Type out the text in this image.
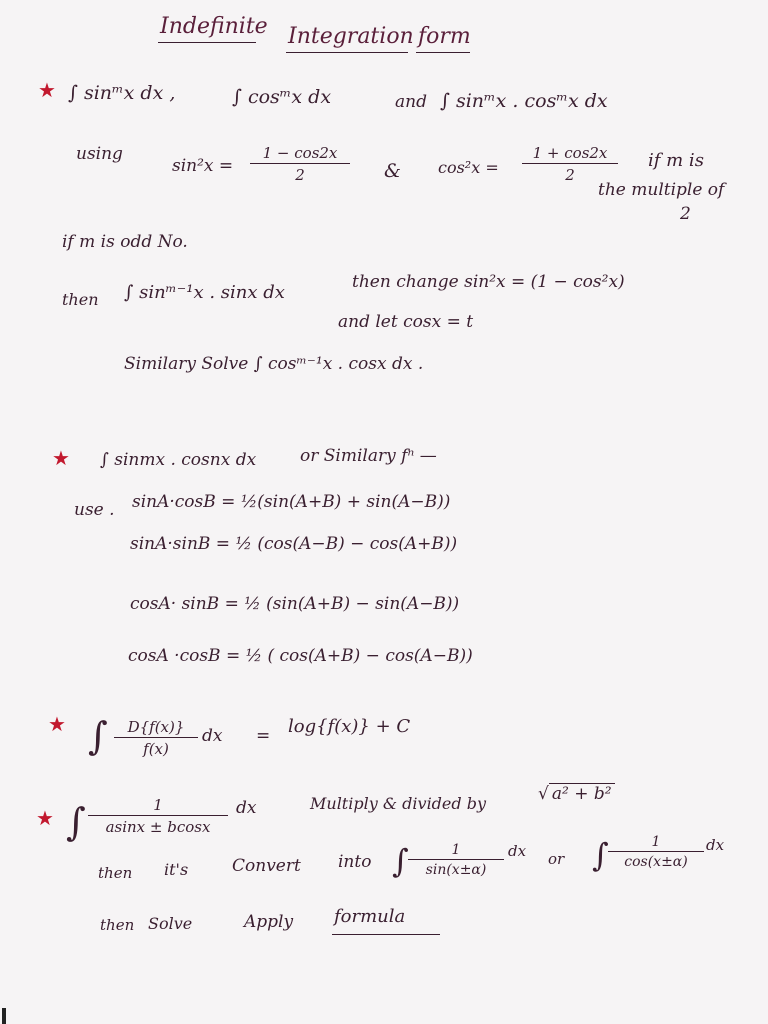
Indefinite Integration form
★ ∫ sinᵐx dx ,	∫ cosᵐx dx	and ∫ sinᵐx . cosᵐx dx
using
$\sin^2x = \frac{1 - \cos 2x}{2}$ & $\cos^2x = \frac{1 + \cos 2x}{2}$ if m is
the multiple of
2
if m is odd No.
then ∫ sinᵐ⁻¹x . sinx dx	then change sin²x = (1 − cos²x)
and let cosx = t
Similary Solve ∫ cosᵐ⁻¹x . cosx dx .
★ ∫ sinmx . cosnx dx	or Similary fⁿ —
use . sinA·cosB = ½(sin(A+B) + sin(A−B))
sinA·sinB = ½ (cos(A−B) − cos(A+B))
cosA· sinB = ½ (sin(A+B) − sin(A−B))
cosA ·cosB = ½ ( cos(A+B) − cos(A−B))
★ ∫ $\frac{D\{f(x)\}}{f(x)}$ dx = log{f(x)} + C
★ ∫ $\frac{1}{asinx \pm bcosx}$ dx	Multiply & divided by	√ a² + b²
then it's	Convert into ∫ $\frac{1}{\sin(x\pm\alpha)}$ dx or ∫ $\frac{1}{\cos(x\pm\alpha)}$ dx
then Solve	Apply formula
